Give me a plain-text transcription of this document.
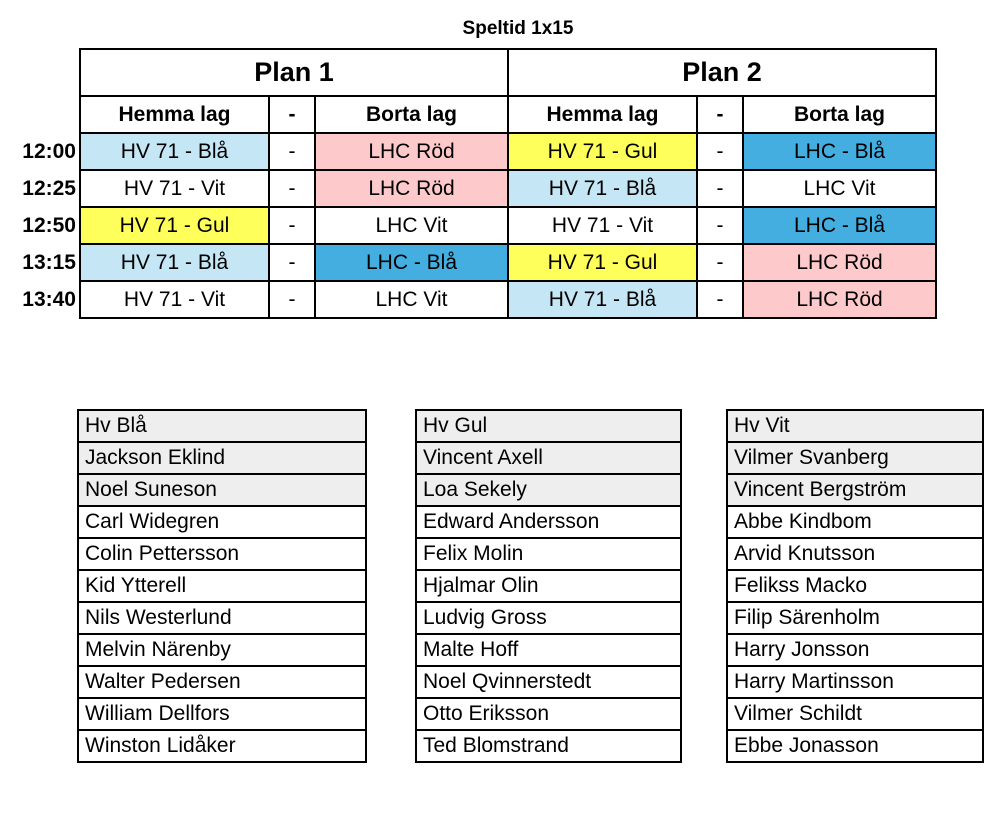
Speltid 1x15
	Plan 1			Plan 2		
	Hemma lag	-	Borta lag	Hemma lag	-	Borta lag
12:00	HV 71 - Blå	-	LHC Röd	HV 71 - Gul	-	LHC - Blå
12:25	HV 71 - Vit	-	LHC Röd	HV 71 - Blå	-	LHC Vit
12:50	HV 71 - Gul	-	LHC Vit	HV 71 - Vit	-	LHC - Blå
13:15	HV 71 - Blå	-	LHC - Blå	HV 71 - Gul	-	LHC Röd
13:40	HV 71 - Vit	-	LHC Vit	HV 71 - Blå	-	LHC Röd
Hv Blå
Jackson Eklind
Noel Suneson
Carl Widegren
Colin Pettersson
Kid Ytterell
Nils Westerlund
Melvin Närenby
Walter Pedersen
William Dellfors
Winston Lidåker
Hv Gul
Vincent Axell
Loa Sekely
Edward Andersson
Felix Molin
Hjalmar Olin
Ludvig Gross
Malte Hoff
Noel Qvinnerstedt
Otto Eriksson
Ted Blomstrand
Hv Vit
Vilmer Svanberg
Vincent Bergström
Abbe Kindbom
Arvid Knutsson
Felikss Macko
Filip Särenholm
Harry Jonsson
Harry Martinsson
Vilmer Schildt
Ebbe Jonasson
